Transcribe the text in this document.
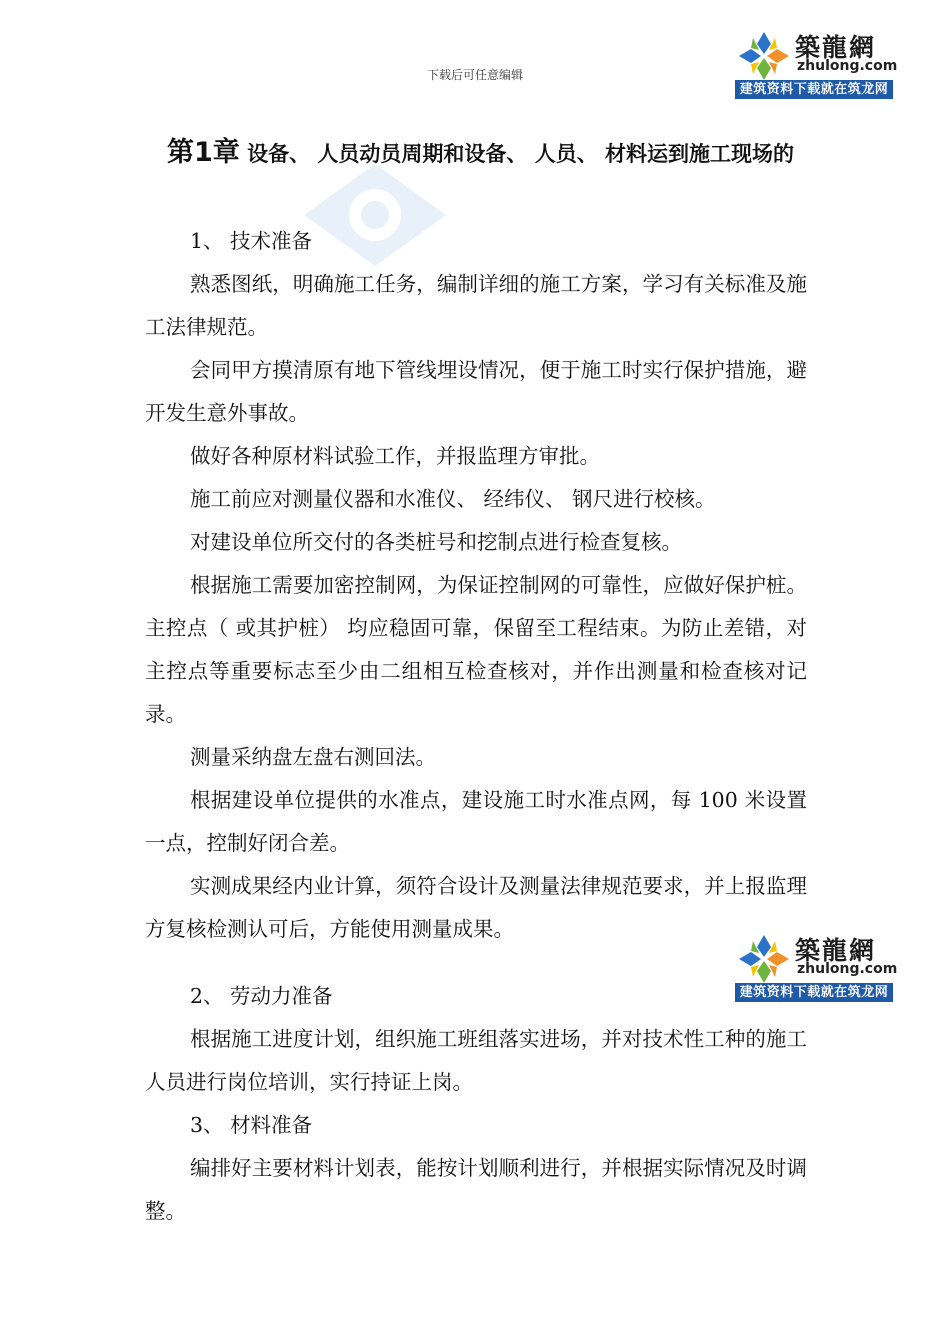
下载后可任意编辑
築龍網
zhulong.com
建筑资料下载就在筑龙网
築龍網
zhulong.com
建筑资料下载就在筑龙网
第1章 设备、 人员动员周期和设备、 人员、 材料运到施工现场的

1、 技术准备

熟悉图纸，明确施工任务，编制详细的施工方案，学习有关标准及施工法律规范。

会同甲方摸清原有地下管线埋设情况，便于施工时实行保护措施，避开发生意外事故。

做好各种原材料试验工作，并报监理方审批。

施工前应对测量仪器和水准仪、 经纬仪、 钢尺进行校核。

对建设单位所交付的各类桩号和挖制点进行检查复核。

根据施工需要加密控制网，为保证控制网的可靠性，应做好保护桩。主控点（ 或其护桩） 均应稳固可靠，保留至工程结束。为防止差错，对主控点等重要标志至少由二组相互检查核对，并作出测量和检查核对记录。

测量采纳盘左盘右测回法。

根据建设单位提供的水准点，建设施工时水准点网，每 100 米设置一点，控制好闭合差。

实测成果经内业计算，须符合设计及测量法律规范要求，并上报监理方复核检测认可后，方能使用测量成果。

2、 劳动力准备

根据施工进度计划，组织施工班组落实进场，并对技术性工种的施工人员进行岗位培训，实行持证上岗。

3、 材料准备

编排好主要材料计划表，能按计划顺利进行，并根据实际情况及时调整。
